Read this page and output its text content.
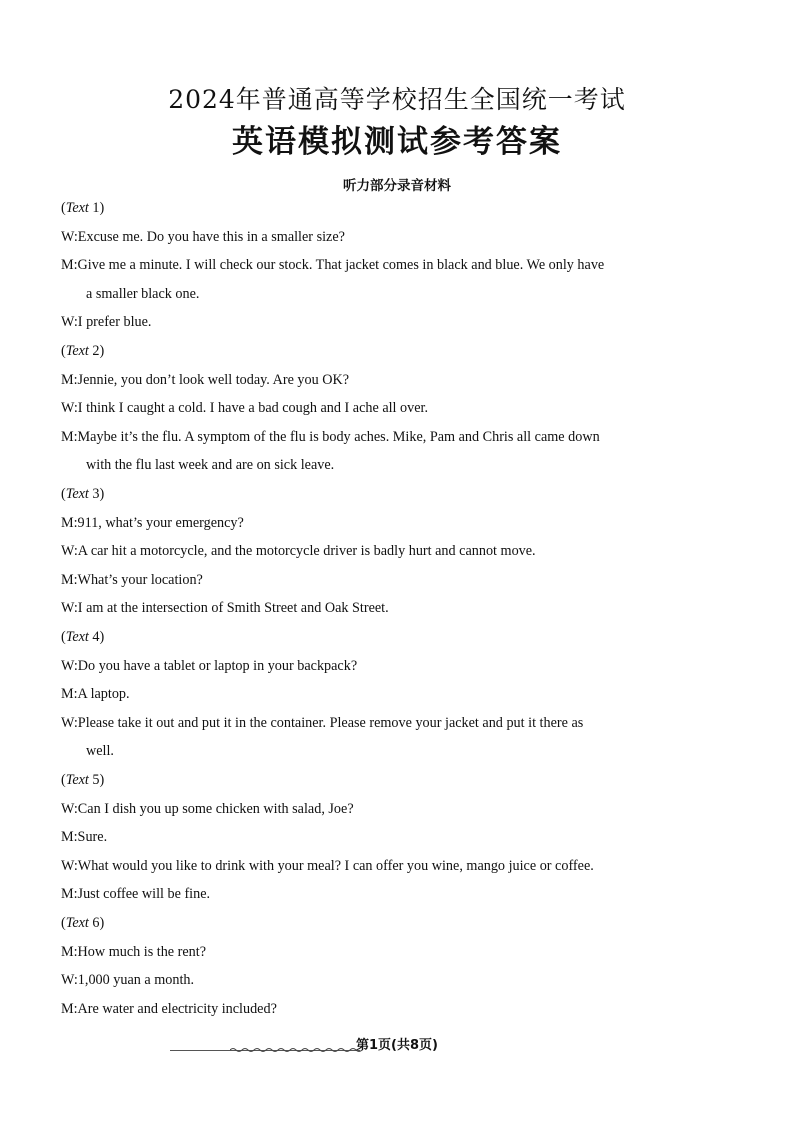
2024年普通高等学校招生全国统一考试
英语模拟测试参考答案
听力部分录音材料
(Text 1)
W:Excuse me. Do you have this in a smaller size?
M:Give me a minute. I will check our stock. That jacket comes in black and blue. We only have
a smaller black one.
W:I prefer blue.
(Text 2)
M:Jennie, you don’t look well today. Are you OK?
W:I think I caught a cold. I have a bad cough and I ache all over.
M:Maybe it’s the flu. A symptom of the flu is body aches. Mike, Pam and Chris all came down
with the flu last week and are on sick leave.
(Text 3)
M:911, what’s your emergency?
W:A car hit a motorcycle, and the motorcycle driver is badly hurt and cannot move.
M:What’s your location?
W:I am at the intersection of Smith Street and Oak Street.
(Text 4)
W:Do you have a tablet or laptop in your backpack?
M:A laptop.
W:Please take it out and put it in the container. Please remove your jacket and put it there as
well.
(Text 5)
W:Can I dish you up some chicken with salad, Joe?
M:Sure.
W:What would you like to drink with your meal? I can offer you wine, mango juice or coffee.
M:Just coffee will be fine.
(Text 6)
M:How much is the rent?
W:1,000 yuan a month.
M:Are water and electricity included?
第1页(共8页)
